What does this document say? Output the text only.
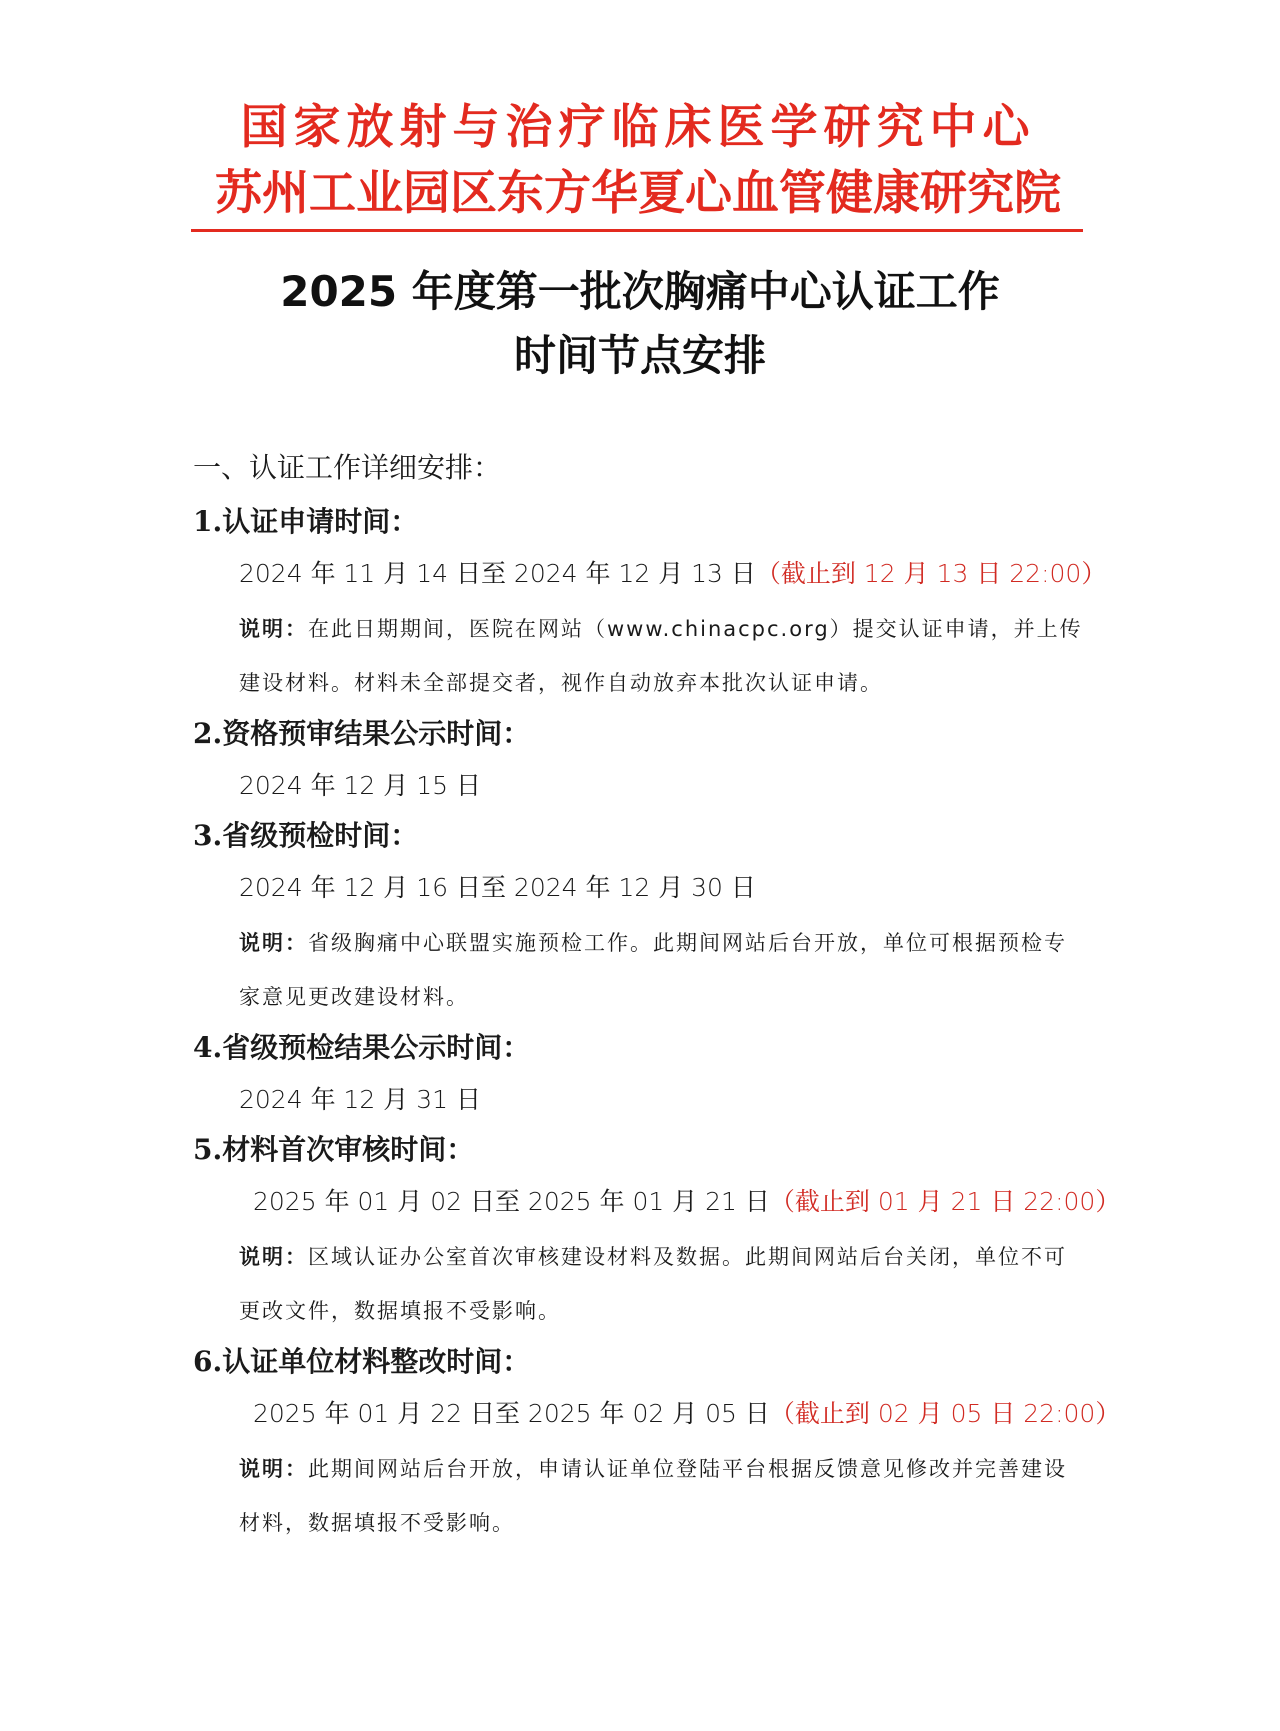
国家放射与治疗临床医学研究中心
苏州工业园区东方华夏心血管健康研究院
2025 年度第一批次胸痛中心认证工作
时间节点安排
一、认证工作详细安排：
1.认证申请时间：
2024 年 11 月 14 日至 2024 年 12 月 13 日（截止到 12 月 13 日 22:00）
说明：在此日期期间，医院在网站（www.chinacpc.org）提交认证申请，并上传建设材料。材料未全部提交者，视作自动放弃本批次认证申请。
2.资格预审结果公示时间：
2024 年 12 月 15 日
3.省级预检时间：
2024 年 12 月 16 日至 2024 年 12 月 30 日
说明：省级胸痛中心联盟实施预检工作。此期间网站后台开放，单位可根据预检专家意见更改建设材料。
4.省级预检结果公示时间：
2024 年 12 月 31 日
5.材料首次审核时间：
2025 年 01 月 02 日至 2025 年 01 月 21 日（截止到 01 月 21 日 22:00）
说明：区域认证办公室首次审核建设材料及数据。此期间网站后台关闭，单位不可更改文件，数据填报不受影响。
6.认证单位材料整改时间：
2025 年 01 月 22 日至 2025 年 02 月 05 日（截止到 02 月 05 日 22:00）
说明：此期间网站后台开放，申请认证单位登陆平台根据反馈意见修改并完善建设材料，数据填报不受影响。
